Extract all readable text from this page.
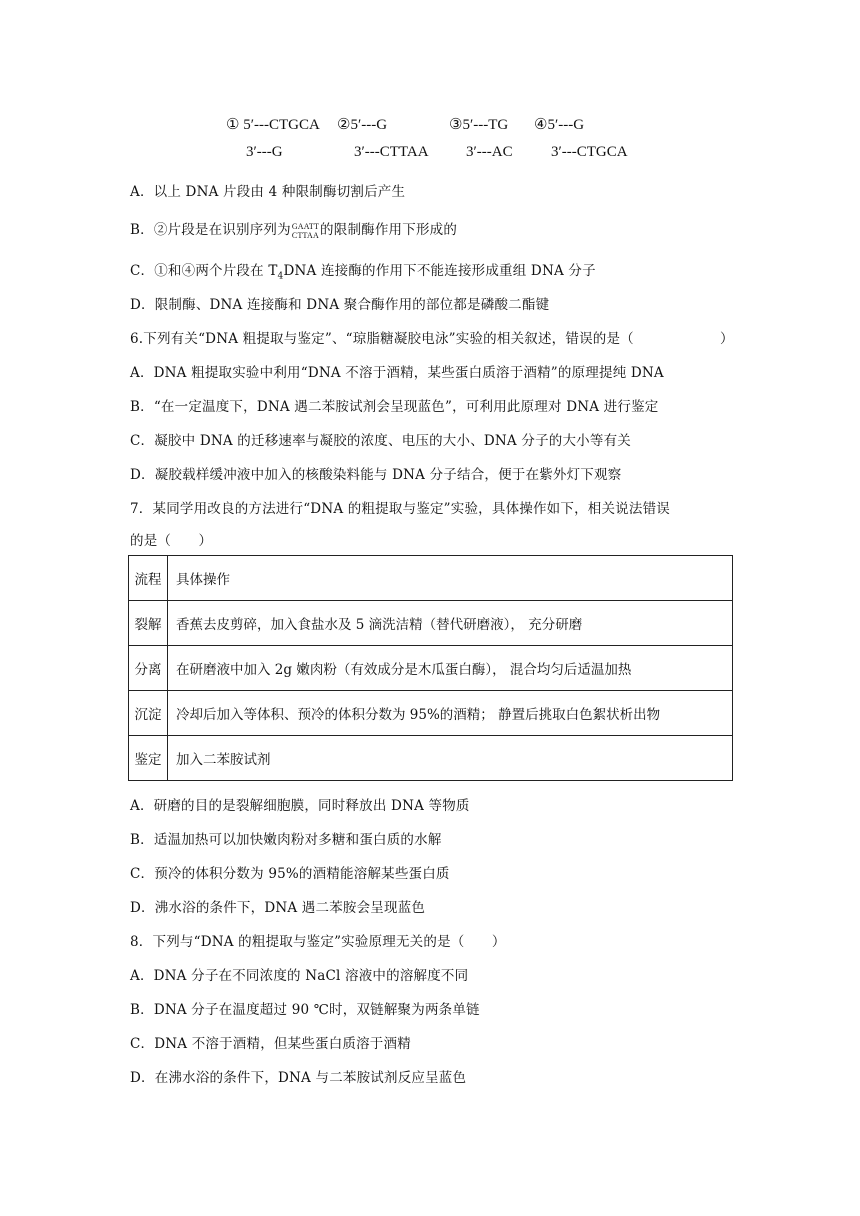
① 5′---CTGCA
3′---G
②5′---G
3′---CTTAA
③5′---TG
3′---AC
④5′---G
3′---CTGCA
A．以上 DNA 片段由 4 种限制酶切割后产生
B．②片段是在识别序列为 GAATT
CTTAA 的限制酶作用下形成的
C．①和④两个片段在 $T_4DNA$ 连接酶的作用下不能连接形成重组 DNA 分子
D．限制酶、DNA 连接酶和 DNA 聚合酶作用的部位都是磷酸二酯键
6.下列有关“DNA 粗提取与鉴定”、“琼脂糖凝胶电泳”实验的相关叙述，错误的是（	）
A．DNA 粗提取实验中利用“DNA 不溶于酒精，某些蛋白质溶于酒精”的原理提纯 DNA
B．“在一定温度下，DNA 遇二苯胺试剂会呈现蓝色”，可利用此原理对 DNA 进行鉴定
C．凝胶中 DNA 的迁移速率与凝胶的浓度、电压的大小、DNA 分子的大小等有关
D．凝胶载样缓冲液中加入的核酸染料能与 DNA 分子结合，便于在紫外灯下观察
7．某同学用改良的方法进行“DNA 的粗提取与鉴定”实验，具体操作如下，相关说法错误
的是（　　）
流程	具体操作
裂解	香蕉去皮剪碎，加入食盐水及 5 滴洗洁精（替代研磨液）， 充分研磨
分离	在研磨液中加入 2g 嫩肉粉（有效成分是木瓜蛋白酶）， 混合均匀后适温加热
沉淀	冷却后加入等体积、预冷的体积分数为 95%的酒精； 静置后挑取白色絮状析出物
鉴定	加入二苯胺试剂
A．研磨的目的是裂解细胞膜，同时释放出 DNA 等物质
B．适温加热可以加快嫩肉粉对多糖和蛋白质的水解
C．预冷的体积分数为 95%的酒精能溶解某些蛋白质
D．沸水浴的条件下，DNA 遇二苯胺会呈现蓝色
8．下列与“DNA 的粗提取与鉴定”实验原理无关的是（　　）
A．DNA 分子在不同浓度的 NaCl 溶液中的溶解度不同
B．DNA 分子在温度超过 90 ℃时，双链解聚为两条单链
C．DNA 不溶于酒精，但某些蛋白质溶于酒精
D．在沸水浴的条件下，DNA 与二苯胺试剂反应呈蓝色
